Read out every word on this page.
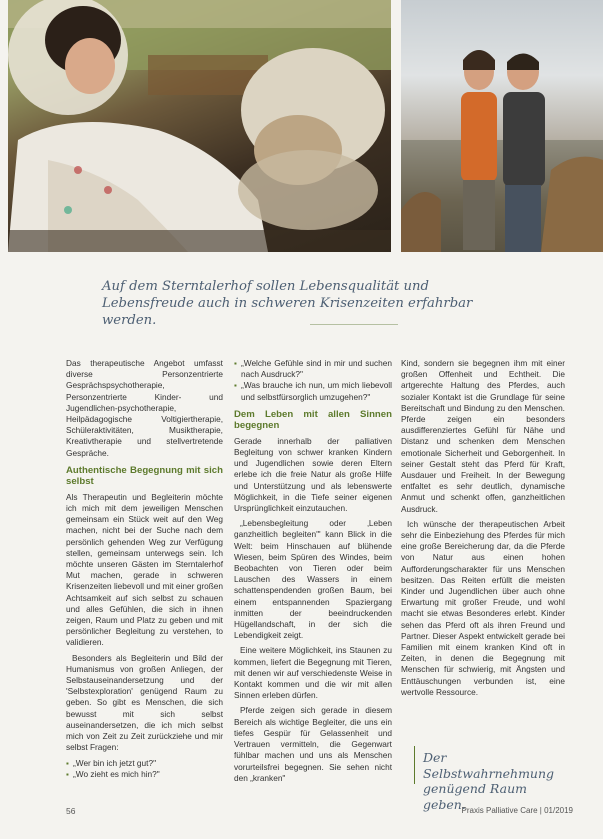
Auf dem Sterntalerhof sollen Lebensqualität und Lebensfreude auch in schweren Krisenzeiten erfahrbar werden.

Das therapeutische Angebot umfasst diverse Personzentrierte Gesprächspsychotherapie, Personzentrierte Kinder- und Jugendlichen-psychotherapie, Heilpädagogische Voltigiertherapie, Schüleraktivitäten, Musiktherapie, Kreativtherapie und stellvertretende Gespräche.

Authentische Begegnung mit sich selbst

Als Therapeutin und Begleiterin möchte ich mich mit dem jeweiligen Menschen gemeinsam ein Stück weit auf den Weg machen, nicht bei der Suche nach dem persönlich gehenden Weg zur Verfügung stellen, gemeinsam unterwegs sein. Ich möchte unseren Gästen im Sterntalerhof Mut machen, gerade in schweren Krisenzeiten liebevoll und mit einer großen Achtsamkeit auf sich selbst zu schauen und alles Gefühlen, die sich in ihnen zeigen, Raum und Platz zu geben und mit persönlicher Begleitung zu verstehen, to validieren.

Besonders als Begleiterin und Bild der Humanismus von großen Anliegen, der Selbstauseinandersetzung und der 'Selbstexploration' genügend Raum zu geben. So gibt es Menschen, die sich bewusst mit sich selbst auseinandersetzen, die ich mich selbst mich von Zeit zu Zeit zurückziehe und mir selbst Fragen:

▪ „Wer bin ich jetzt gut?"
▪ „Wo zieht es mich hin?"
▪ „Welche Gefühle sind in mir und suchen nach Ausdruck?"
▪ „Was brauche ich nun, um mich liebevoll und selbstfürsorglich umzugehen?"
Dem Leben mit allen Sinnen begegnen

Gerade innerhalb der palliativen Begleitung von schwer kranken Kindern und Jugendlichen sowie deren Eltern erlebe ich die freie Natur als große Hilfe und Unterstützung und als lebenswerte Möglichkeit, in die Tiefe seiner eigenen Ursprünglichkeit einzutauchen.

„Lebensbegleitung oder ‚Leben ganzheitlich begleiten'" kann Blick in die Welt: beim Hinschauen auf blühende Wiesen, beim Spüren des Windes, beim Beobachten von Tieren oder beim Lauschen des Wassers in einem schattenspendenden großen Baum, bei einem entspannenden Spaziergang inmitten der beeindruckenden Hügellandschaft, in der sich die Lebendigkeit zeigt.

Eine weitere Möglichkeit, ins Staunen zu kommen, liefert die Begegnung mit Tieren, mit denen wir auf verschiedenste Weise in Kontakt kommen und die wir mit allen Sinnen erleben dürfen.

Pferde zeigen sich gerade in diesem Bereich als wichtige Begleiter, die uns ein tiefes Gespür für Gelassenheit und Vertrauen vermitteln, die Gegenwart fühlbar machen und uns als Menschen vorurteilsfrei begegnen. Sie sehen nicht den „kranken"

Kind, sondern sie begegnen ihm mit einer großen Offenheit und Echtheit. Die artgerechte Haltung des Pferdes, auch sozialer Kontakt ist die Grundlage für seine Bereitschaft und Bindung zu den Menschen. Pferde zeigen ein besonders ausdifferenziertes Gefühl für Nähe und Distanz und schenken dem Menschen emotionale Sicherheit und Geborgenheit. In seiner Gestalt steht das Pferd für Kraft, Ausdauer und Freiheit. In der Bewegung entfaltet es sehr deutlich, dynamische Anmut und schenkt offen, ganzheitlichen Ausdruck.

Ich wünsche der therapeutischen Arbeit sehr die Einbeziehung des Pferdes für mich eine große Bereicherung dar, da die Pferde von Natur aus einen hohen Aufforderungscharakter für uns Menschen besitzen. Das Reiten erfüllt die meisten Kinder und Jugendlichen über auch ohne Erwartung mit großer Freude, und wohl macht sie etwas Besonderes erlebt. Kinder sehen das Pferd oft als ihren Freund und Partner. Dieser Aspekt entwickelt gerade bei Familien mit einem kranken Kind oft in Zeiten, in denen die Begegnung mit Menschen für schwierig, mit Ängsten und Enttäuschungen verbunden ist, eine wertvolle Ressource.

Der Selbstwahrnehmung genügend Raum geben.
56	Praxis Palliative Care | 01/2019
